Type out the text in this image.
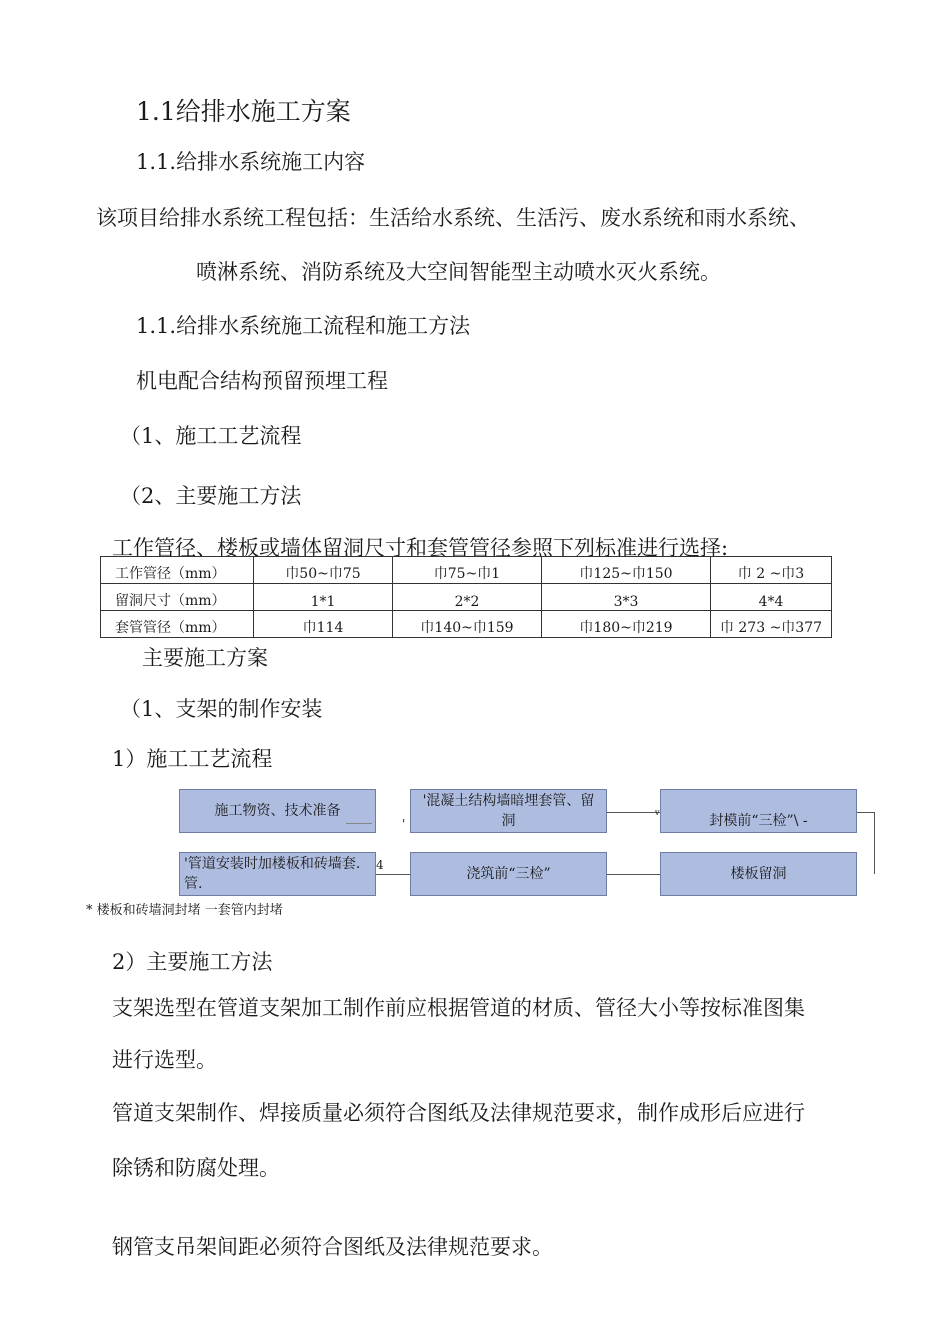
1.1给排水施工方案
1.1.给排水系统施工内容
该项目给排水系统工程包括：生活给水系统、生活污、废水系统和雨水系统、
喷淋系统、消防系统及大空间智能型主动喷水灭火系统。
1.1.给排水系统施工流程和施工方法
机电配合结构预留预埋工程
（1、施工工艺流程
（2、主要施工方法
工作管径、楼板或墙体留洞尺寸和套管管径参照下列标准进行选择:
工作管径（mm）	巾50~巾75	巾75~巾1	巾125~巾150	巾 2 ~巾3
留洞尺寸（mm）	1*1	2*2	3*3	4*4
套管管径（mm）	巾114	巾140~巾159	巾180~巾219	巾 273 ~巾377
主要施工方案
（1、支架的制作安装
1）施工工艺流程
施工物资、技术准备
'混凝土结构墙暗埋套管、留洞	封模前“三检”\ -
'管道安装时加楼板和砖墙套.管.
浇筑前“三检”	楼板留洞
'
4
v
* 楼板和砖墙洞封堵 一套管内封堵
2）主要施工方法
支架选型在管道支架加工制作前应根据管道的材质、管径大小等按标准图集
进行选型。
管道支架制作、焊接质量必须符合图纸及法律规范要求，制作成形后应进行
除锈和防腐处理。
钢管支吊架间距必须符合图纸及法律规范要求。
